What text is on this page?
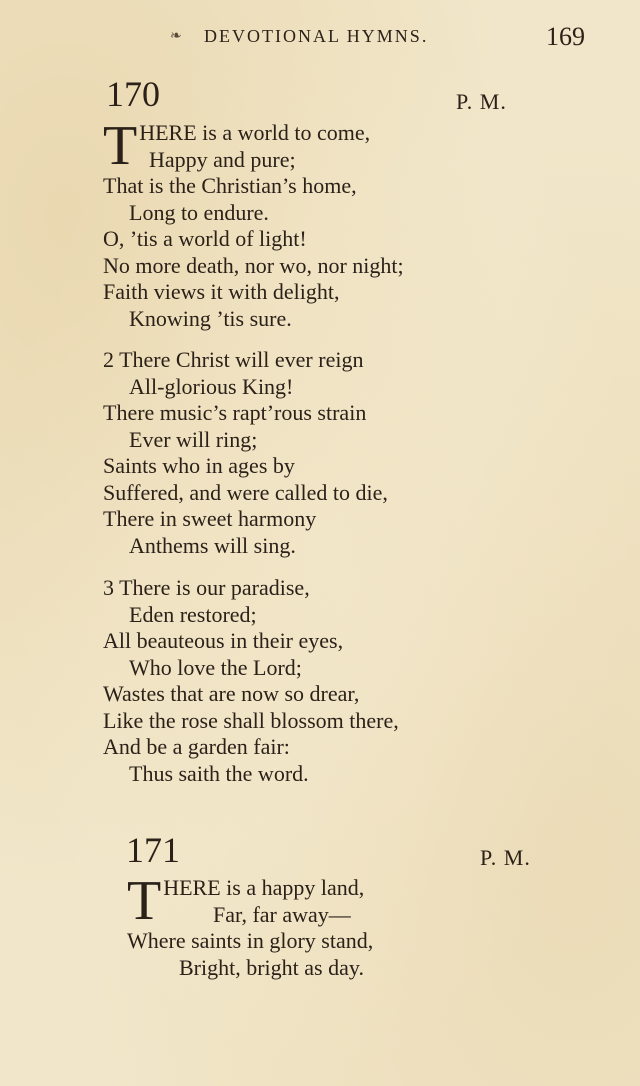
❧ DEVOTIONAL HYMNS.	169
170	P. M.
T HERE is a world to come,
Happy and pure;
That is the Christian’s home,
Long to endure.
O, ’tis a world of light!
No more death, nor wo, nor night;
Faith views it with delight,
Knowing ’tis sure.
2 There Christ will ever reign
All-glorious King!
There music’s rapt’rous strain
Ever will ring;
Saints who in ages by
Suffered, and were called to die,
There in sweet harmony
Anthems will sing.
3 There is our paradise,
Eden restored;
All beauteous in their eyes,
Who love the Lord;
Wastes that are now so drear,
Like the rose shall blossom there,
And be a garden fair:
Thus saith the word.
171	P. M.
T HERE is a happy land,
Far, far away—
Where saints in glory stand,
Bright, bright as day.
